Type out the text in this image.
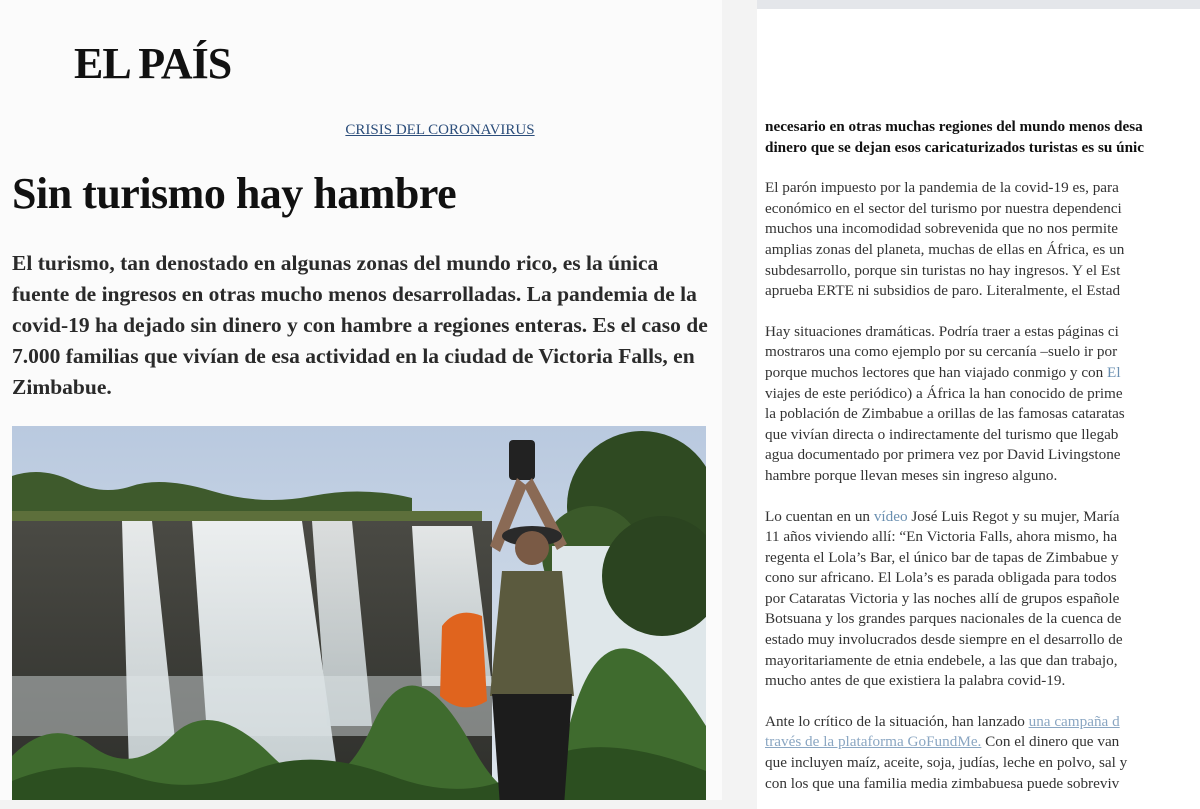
EL PAÍS
CRISIS DEL CORONAVIRUS
Sin turismo hay hambre

El turismo, tan denostado en algunas zonas del mundo rico, es la única fuente de ingresos en otras mucho menos desarrolladas. La pandemia de la covid-19 ha dejado sin dinero y con hambre a regiones enteras. Es el caso de 7.000 familias que vivían de esa actividad en la ciudad de Victoria Falls, en Zimbabue.

necesario en otras muchas regiones del mundo menos desa
dinero que se dejan esos caricaturizados turistas es su únic

El parón impuesto por la pandemia de la covid-19 es, para
económico en el sector del turismo por nuestra dependenci
muchos una incomodidad sobrevenida que no nos permite
amplias zonas del planeta, muchas de ellas en África, es un
subdesarrollo, porque sin turistas no hay ingresos. Y el Est
aprueba ERTE ni subsidios de paro. Literalmente, el Estad

Hay situaciones dramáticas. Podría traer a estas páginas ci
mostraros una como ejemplo por su cercanía –suelo ir por
porque muchos lectores que han viajado conmigo y con El
viajes de este periódico) a África la han conocido de prime
la población de Zimbabue a orillas de las famosas cataratas
que vivían directa o indirectamente del turismo que llegab
agua documentado por primera vez por David Livingstone
hambre porque llevan meses sin ingreso alguno.

Lo cuentan en un vídeo José Luis Regot y su mujer, María
11 años viviendo allí: “En Victoria Falls, ahora mismo, ha
regenta el Lola’s Bar, el único bar de tapas de Zimbabue y
cono sur africano. El Lola’s es parada obligada para todos
por Cataratas Victoria y las noches allí de grupos españole
Botsuana y los grandes parques nacionales de la cuenca de
estado muy involucrados desde siempre en el desarrollo de
mayoritariamente de etnia endebele, a las que dan trabajo,
mucho antes de que existiera la palabra covid-19.

Ante lo crítico de la situación, han lanzado una campaña d
través de la plataforma GoFundMe. Con el dinero que van
que incluyen maíz, aceite, soja, judías, leche en polvo, sal y
con los que una familia media zimbabuesa puede sobreviv
